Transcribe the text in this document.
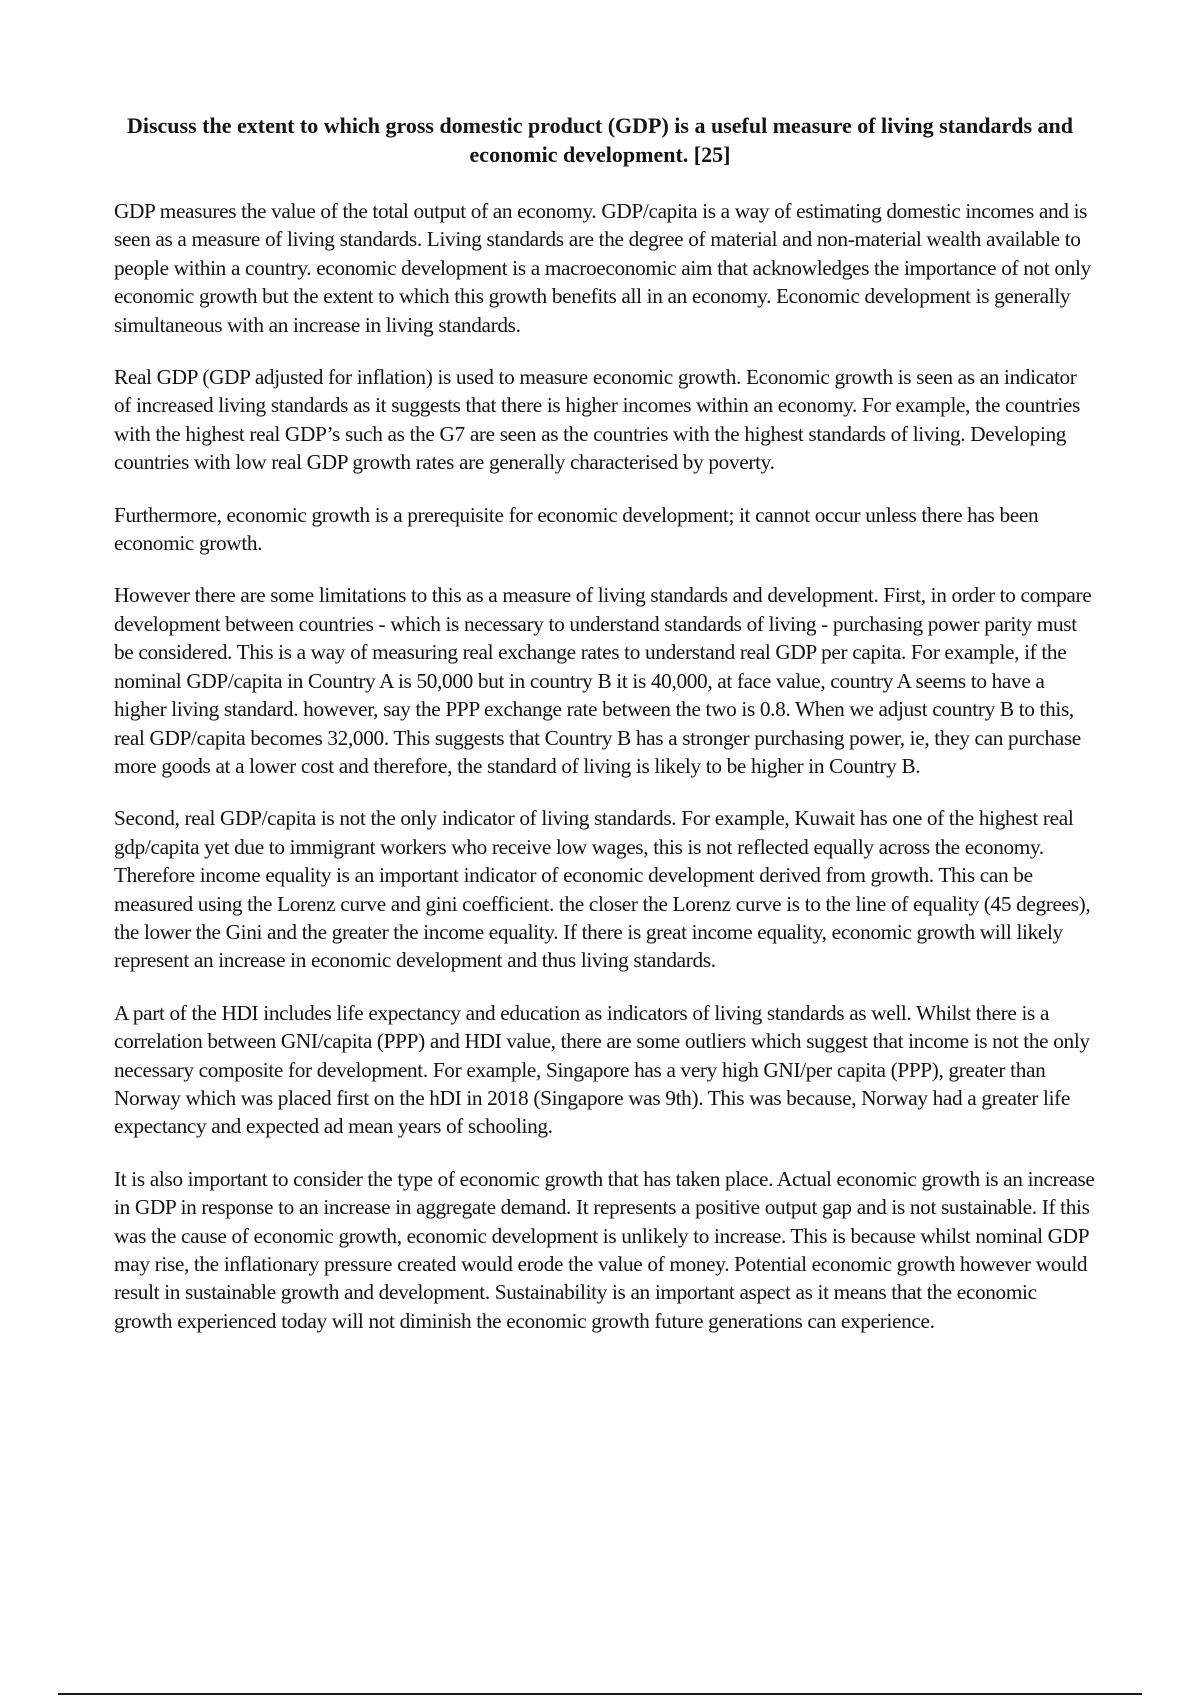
Discuss the extent to which gross domestic product (GDP) is a useful measure of living standards and economic development. [25]

GDP measures the value of the total output of an economy. GDP/capita is a way of estimating domestic incomes and is seen as a measure of living standards. Living standards are the degree of material and non-material wealth available to people within a country. economic development is a macroeconomic aim that acknowledges the importance of not only economic growth but the extent to which this growth benefits all in an economy. Economic development is generally simultaneous with an increase in living standards.

Real GDP (GDP adjusted for inflation) is used to measure economic growth. Economic growth is seen as an indicator of increased living standards as it suggests that there is higher incomes within an economy. For example, the countries with the highest real GDP’s such as the G7 are seen as the countries with the highest standards of living. Developing countries with low real GDP growth rates are generally characterised by poverty.

Furthermore, economic growth is a prerequisite for economic development; it cannot occur unless there has been economic growth.

However there are some limitations to this as a measure of living standards and development. First, in order to compare development between countries - which is necessary to understand standards of living - purchasing power parity must be considered. This is a way of measuring real exchange rates to understand real GDP per capita. For example, if the nominal GDP/capita in Country A is 50,000 but in country B it is 40,000, at face value, country A seems to have a higher living standard. however, say the PPP exchange rate between the two is 0.8. When we adjust country B to this, real GDP/capita becomes 32,000. This suggests that Country B has a stronger purchasing power, ie, they can purchase more goods at a lower cost and therefore, the standard of living is likely to be higher in Country B.

Second, real GDP/capita is not the only indicator of living standards. For example, Kuwait has one of the highest real gdp/capita yet due to immigrant workers who receive low wages, this is not reflected equally across the economy. Therefore income equality is an important indicator of economic development derived from growth. This can be measured using the Lorenz curve and gini coefficient. the closer the Lorenz curve is to the line of equality (45 degrees), the lower the Gini and the greater the income equality. If there is great income equality, economic growth will likely represent an increase in economic development and thus living standards.

A part of the HDI includes life expectancy and education as indicators of living standards as well. Whilst there is a correlation between GNI/capita (PPP) and HDI value, there are some outliers which suggest that income is not the only necessary composite for development. For example, Singapore has a very high GNI/per capita (PPP), greater than Norway which was placed first on the hDI in 2018 (Singapore was 9th). This was because, Norway had a greater life expectancy and expected ad mean years of schooling.

It is also important to consider the type of economic growth that has taken place. Actual economic growth is an increase in GDP in response to an increase in aggregate demand. It represents a positive output gap and is not sustainable. If this was the cause of economic growth, economic development is unlikely to increase. This is because whilst nominal GDP may rise, the inflationary pressure created would erode the value of money. Potential economic growth however would result in sustainable growth and development. Sustainability is an important aspect as it means that the economic growth experienced today will not diminish the economic growth future generations can experience.
